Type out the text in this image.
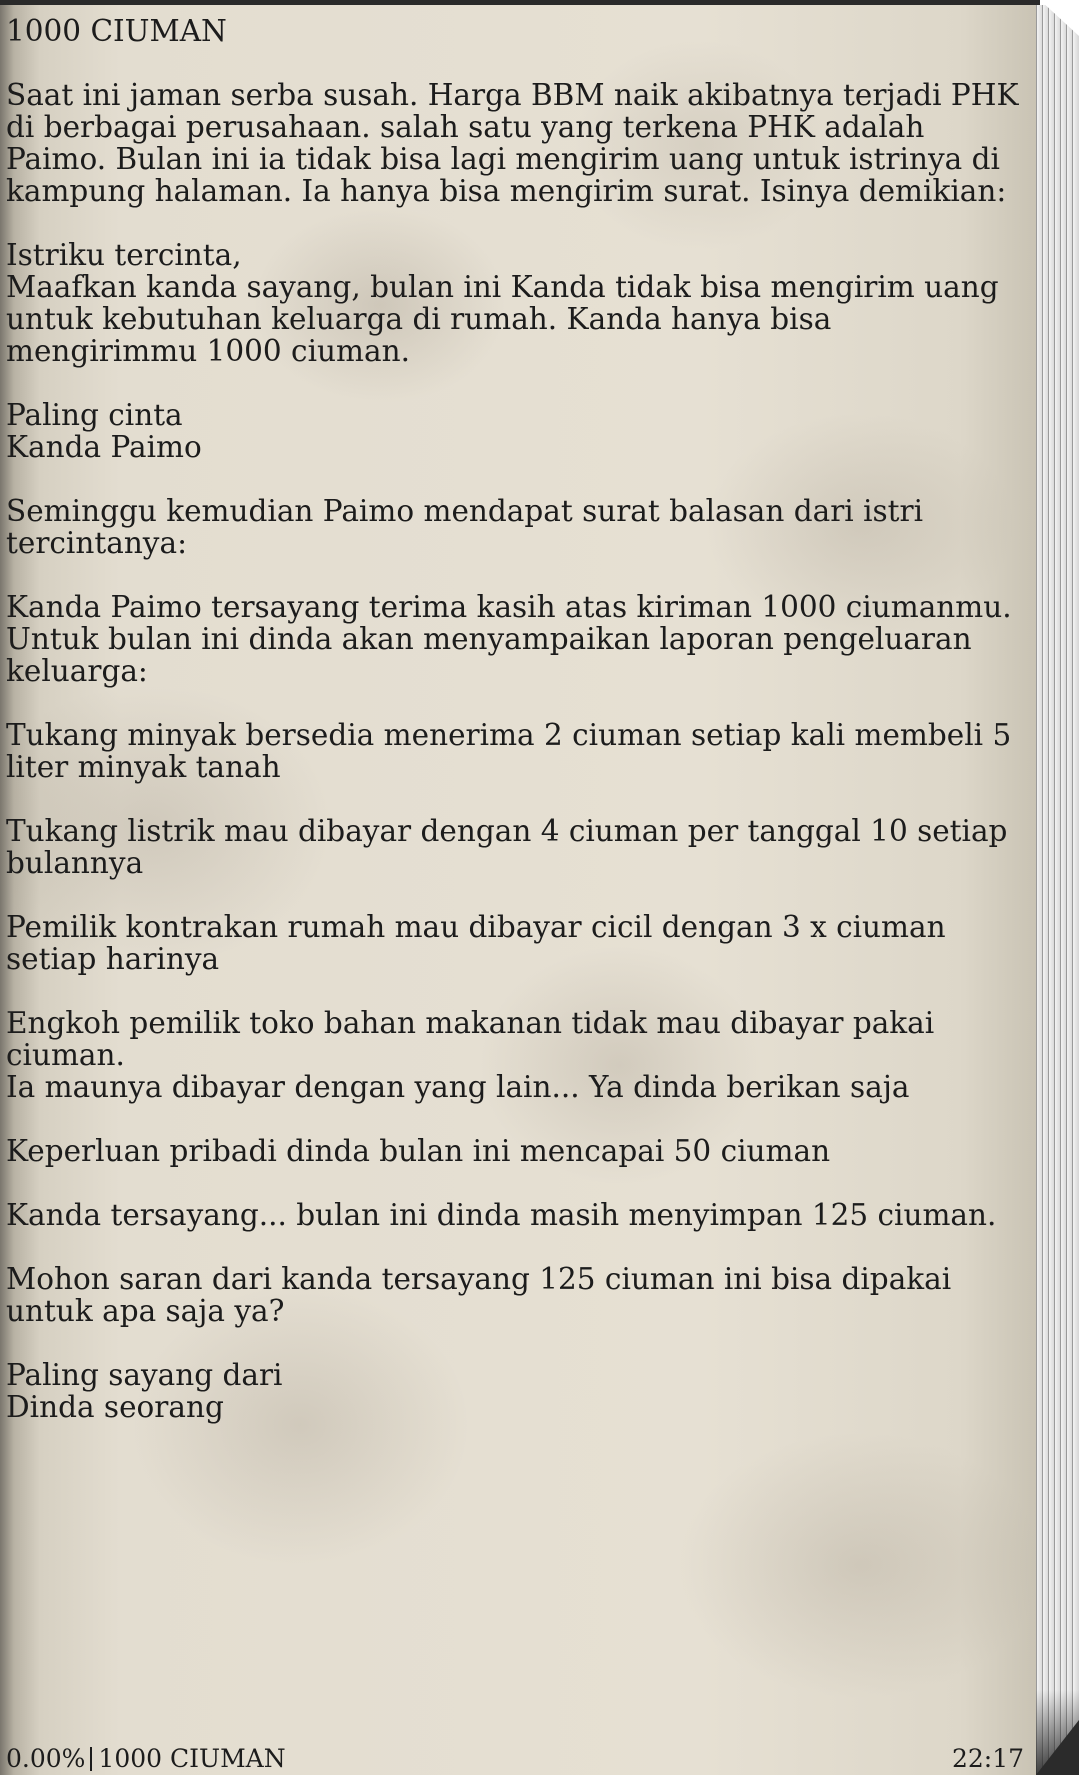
1000 CIUMAN

Saat ini jaman serba susah. Harga BBM naik akibatnya terjadi PHK di berbagai perusahaan. salah satu yang terkena PHK adalah Paimo. Bulan ini ia tidak bisa lagi mengirim uang untuk istrinya di kampung halaman. Ia hanya bisa mengirim surat. Isinya demikian:

Istriku tercinta,
Maafkan kanda sayang, bulan ini Kanda tidak bisa mengirim uang untuk kebutuhan keluarga di rumah. Kanda hanya bisa mengirimmu 1000 ciuman.

Paling cinta
Kanda Paimo

Seminggu kemudian Paimo mendapat surat balasan dari istri tercintanya:

Kanda Paimo tersayang terima kasih atas kiriman 1000 ciumanmu.
Untuk bulan ini dinda akan menyampaikan laporan pengeluaran keluarga:

Tukang minyak bersedia menerima 2 ciuman setiap kali membeli 5 liter minyak tanah

Tukang listrik mau dibayar dengan 4 ciuman per tanggal 10 setiap bulannya

Pemilik kontrakan rumah mau dibayar cicil dengan 3 x ciuman setiap harinya

Engkoh pemilik toko bahan makanan tidak mau dibayar pakai ciuman.
Ia maunya dibayar dengan yang lain... Ya dinda berikan saja

Keperluan pribadi dinda bulan ini mencapai 50 ciuman

Kanda tersayang... bulan ini dinda masih menyimpan 125 ciuman.

Mohon saran dari kanda tersayang 125 ciuman ini bisa dipakai untuk apa saja ya?

Paling sayang dari
Dinda seorang

0.00% 1000 CIUMAN	22:17
